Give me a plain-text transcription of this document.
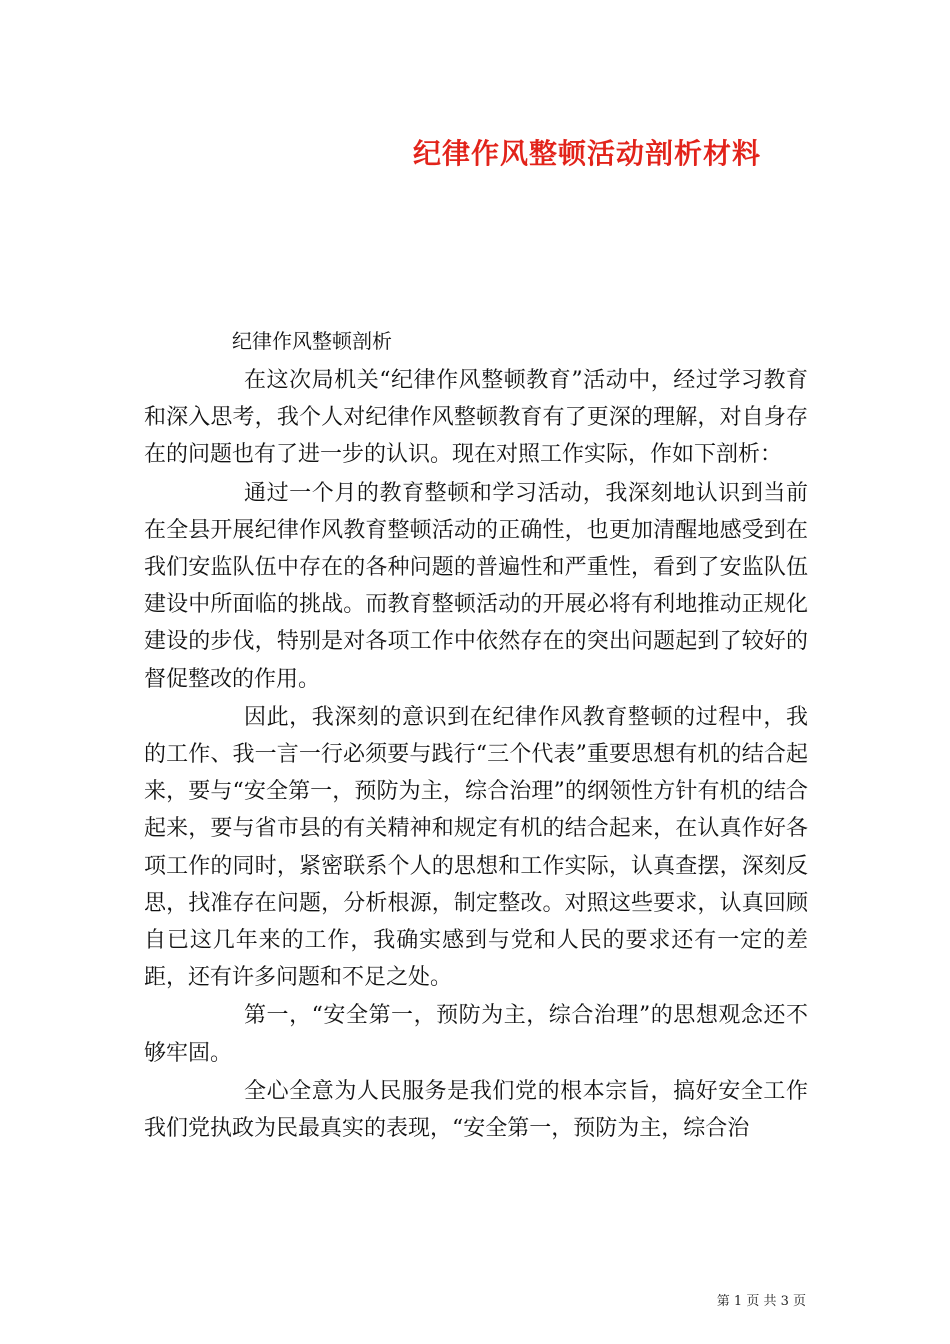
纪律作风整顿活动剖析材料

纪律作风整顿剖析

在这次局机关“纪律作风整顿教育”活动中，经过学习教育和深入思考，我个人对纪律作风整顿教育有了更深的理解，对自身存在的问题也有了进一步的认识。现在对照工作实际，作如下剖析：

通过一个月的教育整顿和学习活动，我深刻地认识到当前在全县开展纪律作风教育整顿活动的正确性，也更加清醒地感受到在我们安监队伍中存在的各种问题的普遍性和严重性，看到了安监队伍建设中所面临的挑战。而教育整顿活动的开展必将有利地推动正规化建设的步伐，特别是对各项工作中依然存在的突出问题起到了较好的督促整改的作用。

因此，我深刻的意识到在纪律作风教育整顿的过程中，我的工作、我一言一行必须要与践行“三个代表”重要思想有机的结合起来，要与“安全第一，预防为主，综合治理”的纲领性方针有机的结合起来，要与省市县的有关精神和规定有机的结合起来，在认真作好各项工作的同时，紧密联系个人的思想和工作实际，认真查摆，深刻反思，找准存在问题，分析根源，制定整改。对照这些要求，认真回顾自已这几年来的工作，我确实感到与党和人民的要求还有一定的差距，还有许多问题和不足之处。

第一，“安全第一，预防为主，综合治理”的思想观念还不够牢固。

全心全意为人民服务是我们党的根本宗旨，搞好安全工作我们党执政为民最真实的表现，“安全第一，预防为主，综合治

第 1 页 共 3 页
